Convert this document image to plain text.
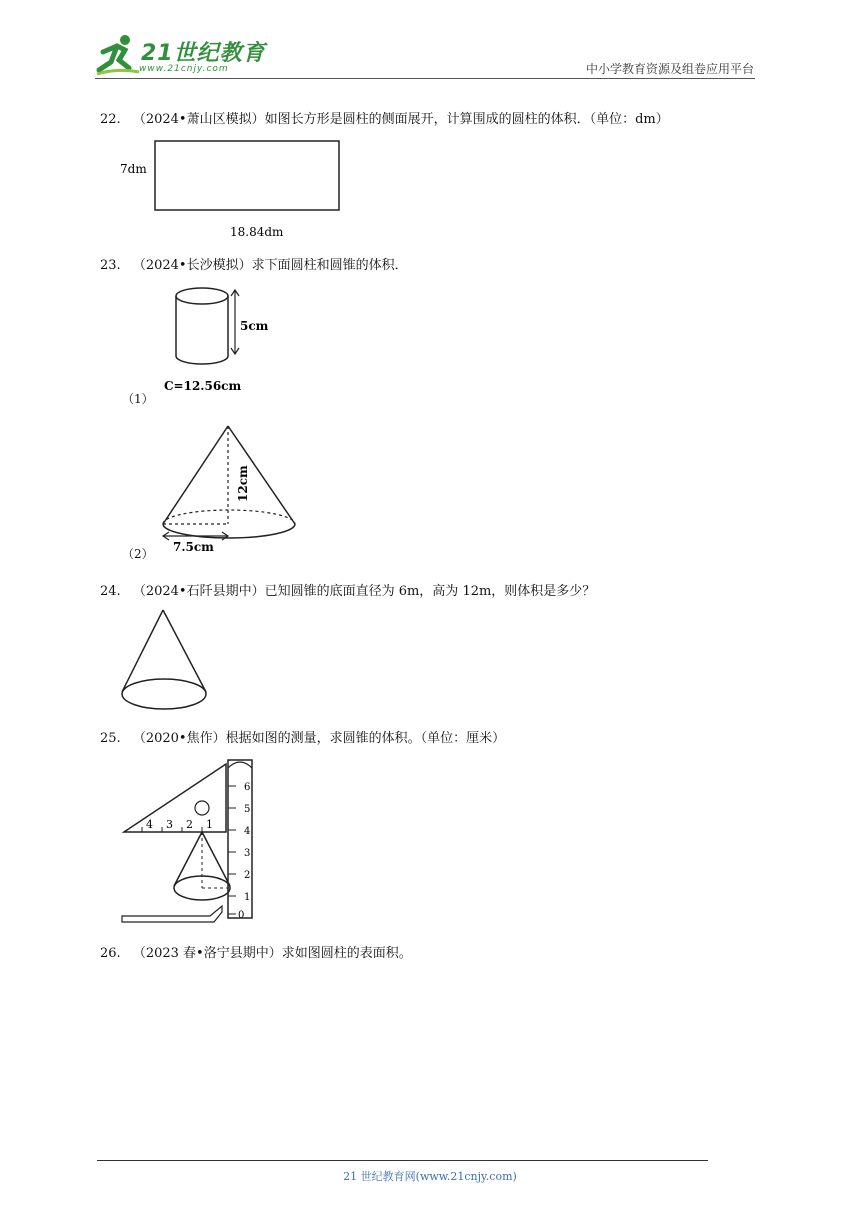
21世纪教育
www.21cnjy.com	中小学教育资源及组卷应用平台
22. （2024•萧山区模拟）如图长方形是圆柱的侧面展开，计算围成的圆柱的体积．（单位：dm）
7dm
18.84dm
23. （2024•长沙模拟）求下面圆柱和圆锥的体积．
5cm
C=12.56cm
（1）
12cm
7.5cm
（2）
24. （2024•石阡县期中）已知圆锥的底面直径为 6m，高为 12m，则体积是多少？
25. （2020•焦作）根据如图的测量，求圆锥的体积。（单位：厘米）
4 3 2 1
6
5
4
3
2
1
0
26. （2023 春•洛宁县期中）求如图圆柱的表面积。
21 世纪教育网(www.21cnjy.com)
